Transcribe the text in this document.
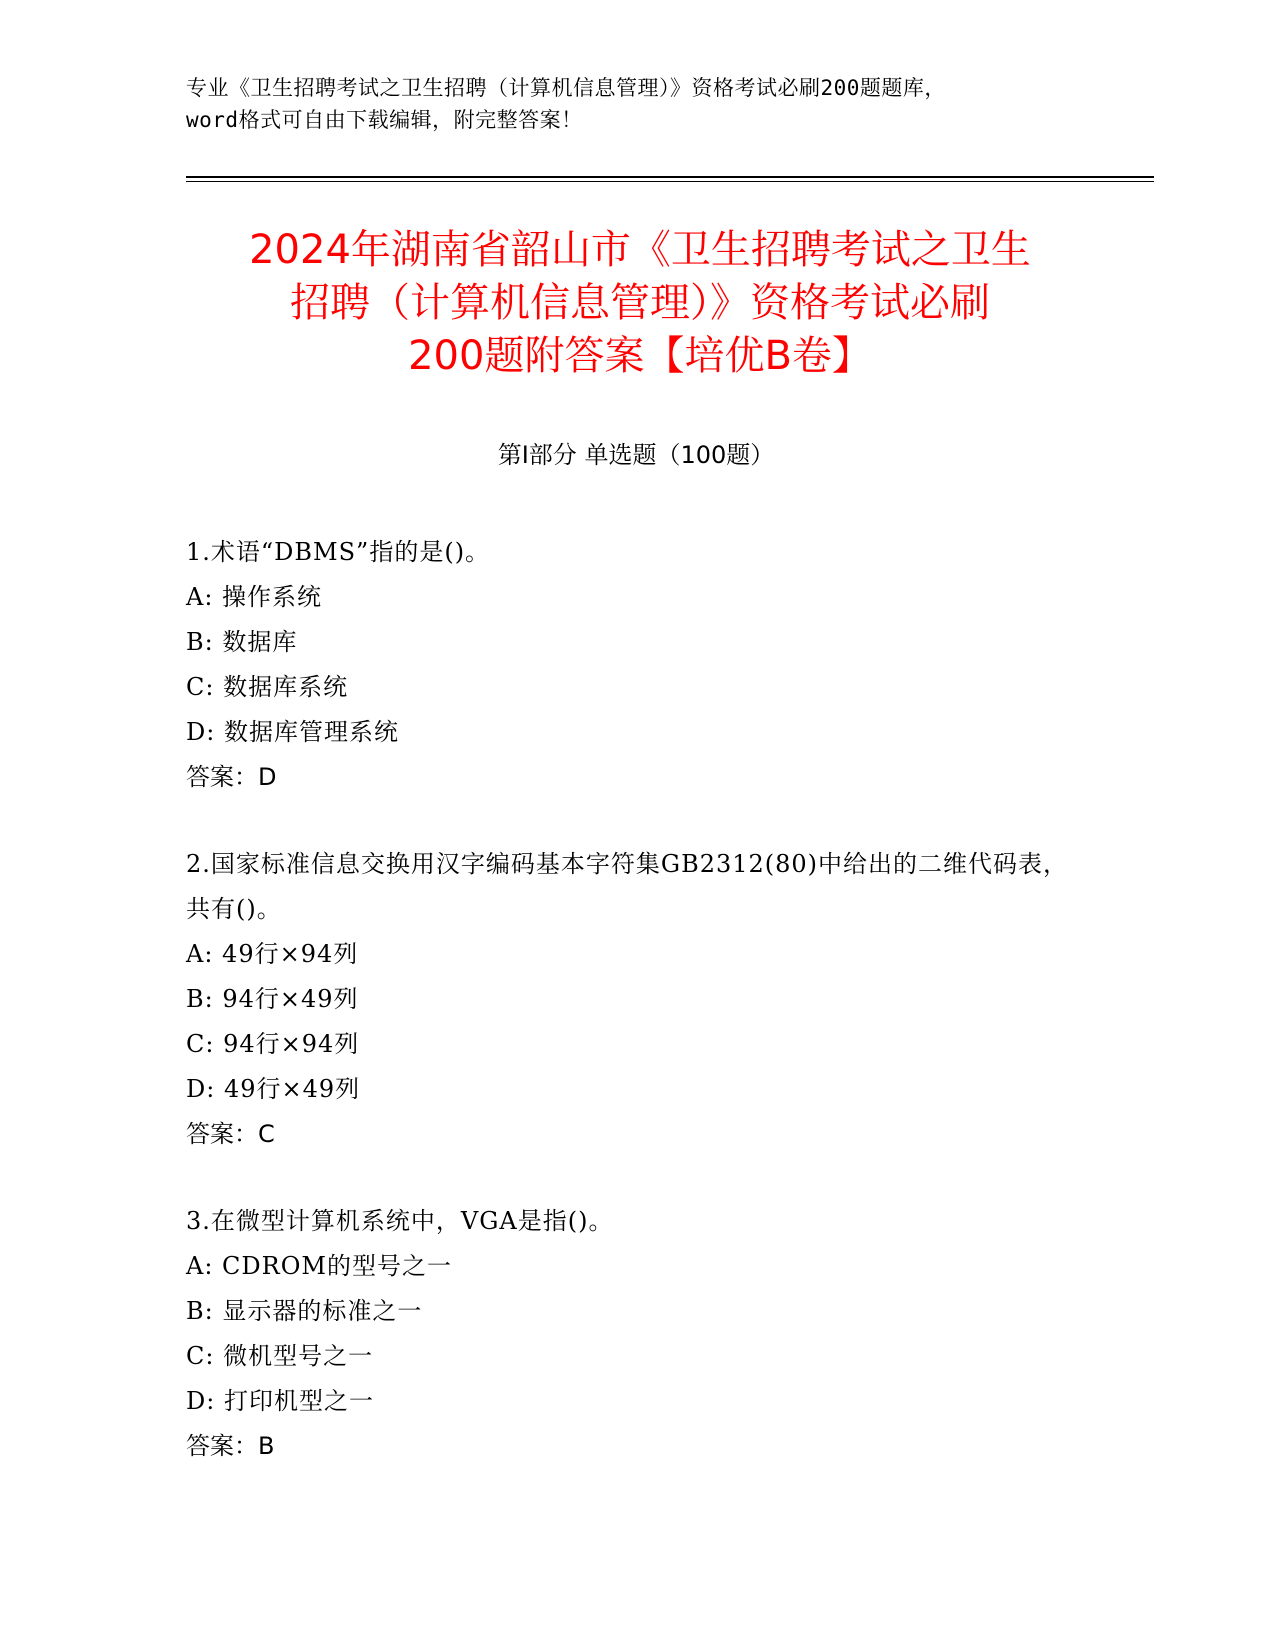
专业《卫生招聘考试之卫生招聘（计算机信息管理）》资格考试必刷200题题库，
word格式可自由下载编辑，附完整答案！
2024年湖南省韶山市《卫生招聘考试之卫生
招聘（计算机信息管理）》资格考试必刷
200题附答案【培优B卷】
第I部分 单选题（100题）
1.术语“DBMS”指的是()。
A: 操作系统
B: 数据库
C: 数据库系统
D: 数据库管理系统
答案：D
2.国家标准信息交换用汉字编码基本字符集GB2312(80)中给出的二维代码表，共有()。
A: 49行×94列
B: 94行×49列
C: 94行×94列
D: 49行×49列
答案：C
3.在微型计算机系统中，VGA是指()。
A: CDROM的型号之一
B: 显示器的标准之一
C: 微机型号之一
D: 打印机型之一
答案：B
